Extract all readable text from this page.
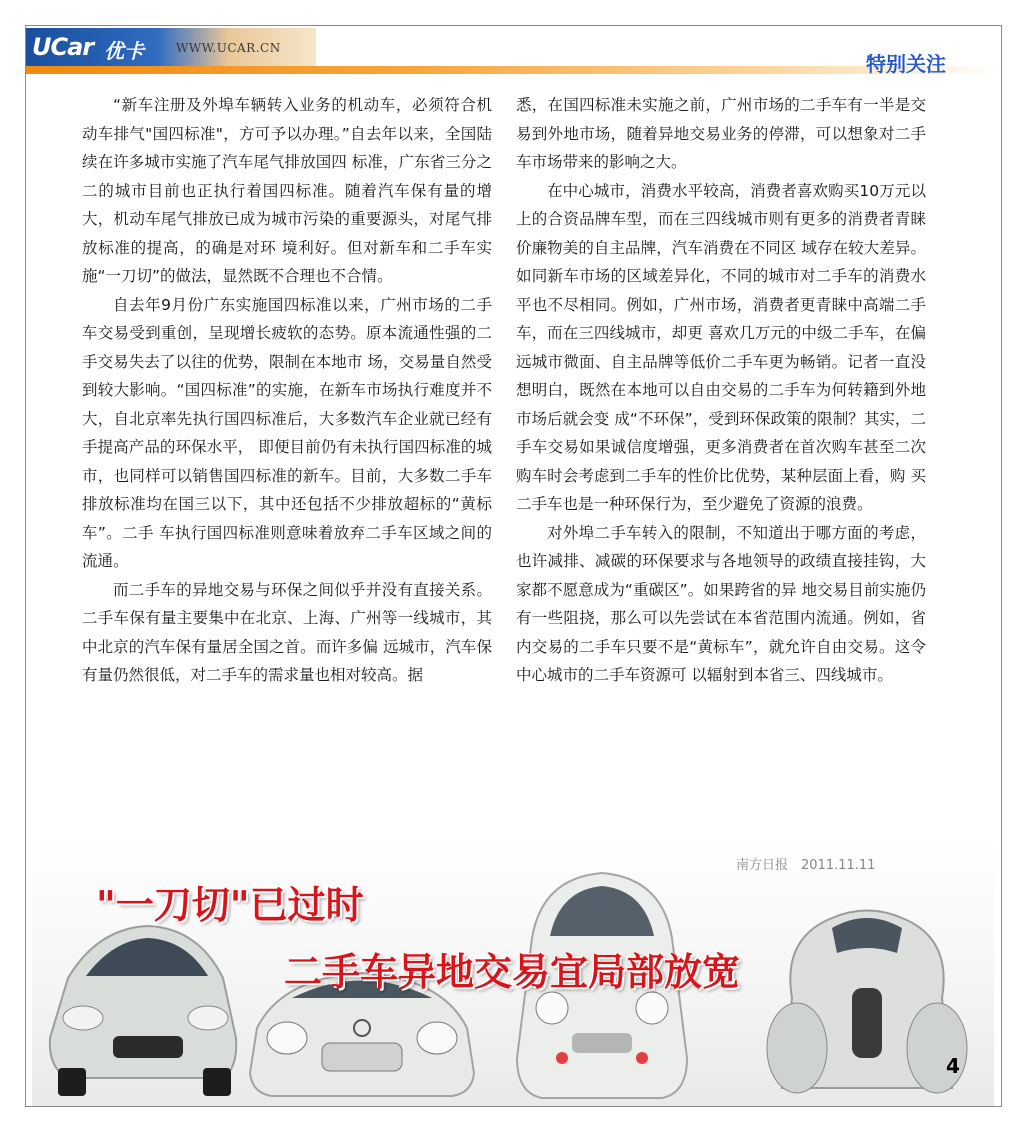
UCar 优卡	WWW.UCAR.CN
特别关注

“新车注册及外埠车辆转入业务的机动车，必须符合机动车排气"国四标准"，方可予以办理。”自去年以来，全国陆续在许多城市实施了汽车尾气排放国四 标准，广东省三分之二的城市目前也正执行着国四标准。随着汽车保有量的增大，机动车尾气排放已成为城市污染的重要源头，对尾气排放标准的提高，的确是对环 境利好。但对新车和二手车实施“一刀切”的做法，显然既不合理也不合情。

自去年9月份广东实施国四标准以来，广州市场的二手车交易受到重创，呈现增长疲软的态势。原本流通性强的二手交易失去了以往的优势，限制在本地市 场，交易量自然受到较大影响。“国四标准”的实施，在新车市场执行难度并不大，自北京率先执行国四标准后，大多数汽车企业就已经有手提高产品的环保水平， 即便目前仍有未执行国四标准的城市，也同样可以销售国四标准的新车。目前，大多数二手车排放标准均在国三以下，其中还包括不少排放超标的“黄标车”。二手 车执行国四标准则意味着放弃二手车区域之间的流通。

而二手车的异地交易与环保之间似乎并没有直接关系。二手车保有量主要集中在北京、上海、广州等一线城市，其中北京的汽车保有量居全国之首。而许多偏 远城市，汽车保有量仍然很低，对二手车的需求量也相对较高。据

悉，在国四标准未实施之前，广州市场的二手车有一半是交易到外地市场，随着异地交易业务的停滞，可以想象对二手车市场带来的影响之大。

在中心城市，消费水平较高，消费者喜欢购买10万元以上的合资品牌车型，而在三四线城市则有更多的消费者青睐价廉物美的自主品牌，汽车消费在不同区 域存在较大差异。如同新车市场的区域差异化，不同的城市对二手车的消费水平也不尽相同。例如，广州市场，消费者更青睐中高端二手车，而在三四线城市，却更 喜欢几万元的中级二手车，在偏远城市微面、自主品牌等低价二手车更为畅销。记者一直没想明白，既然在本地可以自由交易的二手车为何转籍到外地市场后就会变 成“不环保”，受到环保政策的限制？其实，二手车交易如果诚信度增强，更多消费者在首次购车甚至二次购车时会考虑到二手车的性价比优势，某种层面上看，购 买二手车也是一种环保行为，至少避免了资源的浪费。

对外埠二手车转入的限制，不知道出于哪方面的考虑，也许减排、减碳的环保要求与各地领导的政绩直接挂钩，大家都不愿意成为“重碳区”。如果跨省的异 地交易目前实施仍有一些阻挠，那么可以先尝试在本省范围内流通。例如，省内交易的二手车只要不是“黄标车”，就允许自由交易。这令中心城市的二手车资源可 以辐射到本省三、四线城市。

南方日报　2011.11.11
"一刀切"已过时
二手车异地交易宜局部放宽
4
